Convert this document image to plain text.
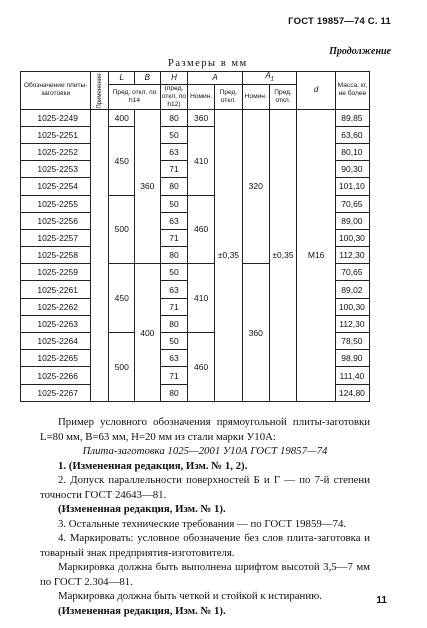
ГОСТ 19857—74 С. 11
Продолжение
Размеры в мм
Обозначение плиты-заготовки	Применение	L	B	H	A		$A_1$		d	Масса, кг, не более
		Пред. откл. по h14		(пред. откл. по h12)	Номин.	Пред. откл.	Номин.	Пред. откл.		

1025-2249		400	360	80	360	±0,35	320	±0,35	M16	89,85
1025-2251		450		50	410					63,60
1025-2252				63						80,10
1025-2253				71						90,30
1025-2254				80						101,10
1025-2255		500		50	460					70,65
1025-2256				63						89,00
1025-2257				71						100,30
1025-2258				80						112,30
1025-2259		450	400	50	410		360			70,65
1025-2261				63						89,02
1025-2262				71						100,30
1025-2263				80						112,30
1025-2264		500		50	460					78,50
1025-2265				63						98,90
1025-2266				71						111,40
1025-2267				80						124,80

Пример условного обозначения прямоугольной плиты-заготовки L=80 мм, B=63 мм, H=20 мм из стали марки У10А:

Плита-заготовка 1025—2001 У10А ГОСТ 19857—74

1. (Измененная редакция, Изм. № 1, 2).

2. Допуск параллельности поверхностей Б и Г — по 7-й степени точности ГОСТ 24643—81.

(Измененная редакция, Изм. № 1).

3. Остальные технические требования — по ГОСТ 19859—74.

4. Маркировать: условное обозначение без слов плита-заготовка и товарный знак предприятия-изготовителя.

Маркировка должна быть выполнена шрифтом высотой 3,5—7 мм по ГОСТ 2.304—81.

Маркировка должна быть четкой и стойкой к истиранию.

(Измененная редакция, Изм. № 1).

11
